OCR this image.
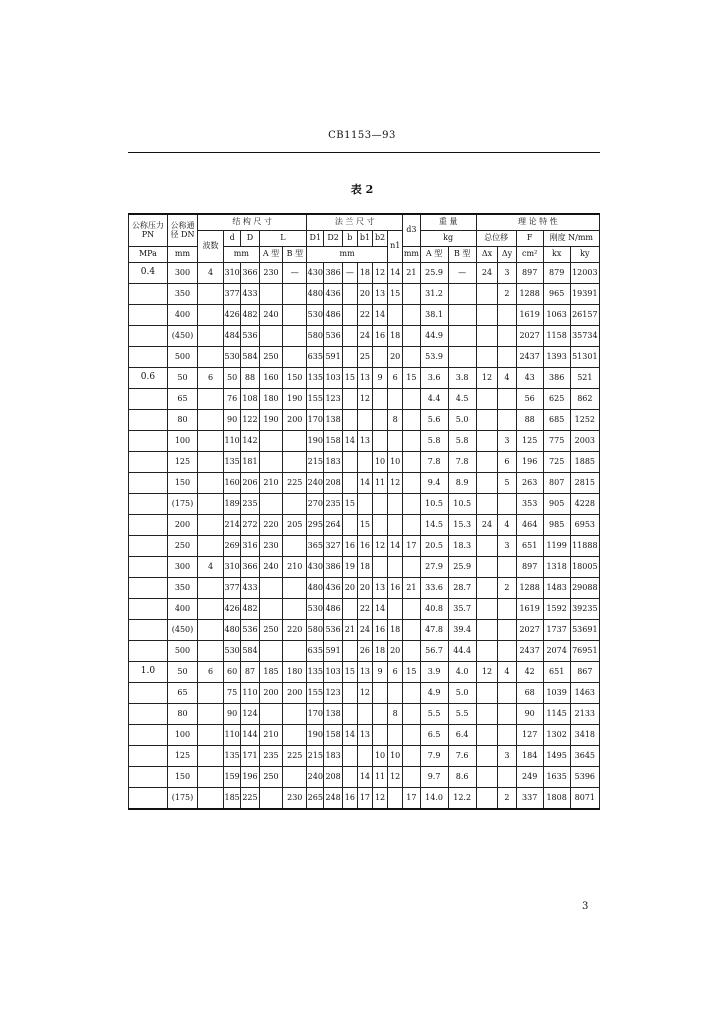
CB1153—93
表 2
公称压力 PN	公称通径 DN	结 构 尺 寸					法 兰 尺 寸						d3	重 量		理 论 特 性				
		波数	d	D	L		D1	D2	b	b1	b2	n1		kg		总位移		F	刚度 N/mm	
MPa	mm		mm		A 型	B 型	mm						mm	A 型	B 型	Δx	Δy	cm²	kx	ky
0.4	300	4	310	366	230	—	430	386	—	18	12	14	21	25.9	—	24	3	897	879	12003
	350		377	433			480	436		20	13	15		31.2			2	1288	965	19391
	400		426	482	240		530	486		22	14			38.1				1619	1063	26157
	(450)		484	536			580	536		24	16	18		44.9				2027	1158	35734
	500		530	584	250		635	591		25		20		53.9				2437	1393	51301
0.6	50	6	50	88	160	150	135	103	15	13	9	6	15	3.6	3.8	12	4	43	386	521
	65		76	108	180	190	155	123		12				4.4	4.5			56	625	862
	80		90	122	190	200	170	138				8		5.6	5.0			88	685	1252
	100		110	142			190	158	14	13				5.8	5.8		3	125	775	2003
	125		135	181			215	183			10	10		7.8	7.8		6	196	725	1885
	150		160	206	210	225	240	208		14	11	12		9.4	8.9		5	263	807	2815
	(175)		189	235			270	235	15					10.5	10.5			353	905	4228
	200		214	272	220	205	295	264		15				14.5	15.3	24	4	464	985	6953
	250		269	316	230		365	327	16	16	12	14	17	20.5	18.3		3	651	1199	11888
	300	4	310	366	240	210	430	386	19	18				27.9	25.9			897	1318	18005
	350		377	433			480	436	20	20	13	16	21	33.6	28.7		2	1288	1483	29088
	400		426	482			530	486		22	14			40.8	35.7			1619	1592	39235
	(450)		480	536	250	220	580	536	21	24	16	18		47.8	39.4			2027	1737	53691
	500		530	584			635	591		26	18	20		56.7	44.4			2437	2074	76951
1.0	50	6	60	87	185	180	135	103	15	13	9	6	15	3.9	4.0	12	4	42	651	867
	65		75	110	200	200	155	123		12				4.9	5.0			68	1039	1463
	80		90	124			170	138				8		5.5	5.5			90	1145	2133
	100		110	144	210		190	158	14	13				6.5	6.4			127	1302	3418
	125		135	171	235	225	215	183			10	10		7.9	7.6		3	184	1495	3645
	150		159	196	250		240	208		14	11	12		9.7	8.6			249	1635	5396
	(175)		185	225		230	265	248	16	17	12		17	14.0	12.2		2	337	1808	8071
3
